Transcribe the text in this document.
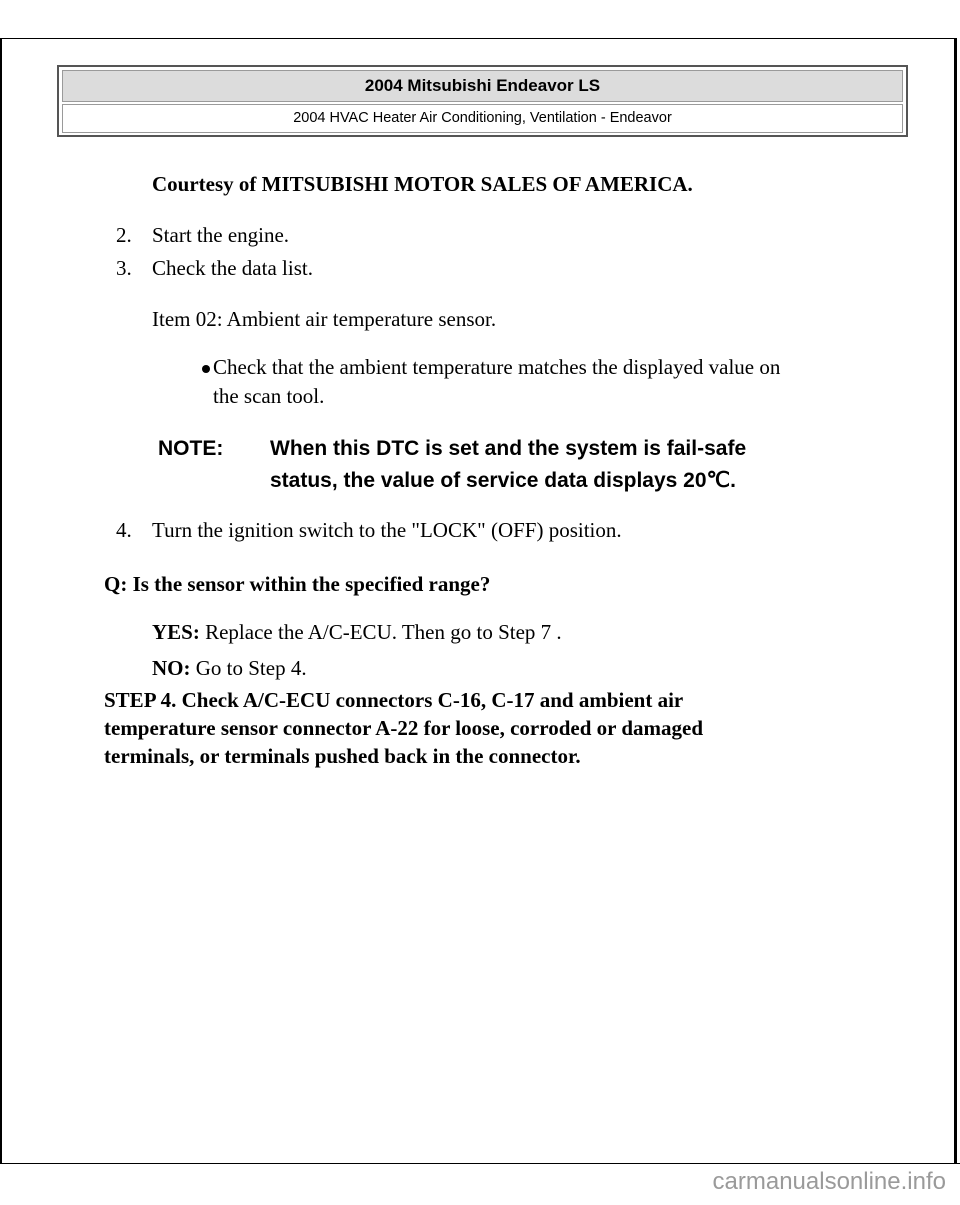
2004 Mitsubishi Endeavor LS
2004 HVAC Heater Air Conditioning, Ventilation - Endeavor
Courtesy of MITSUBISHI MOTOR SALES OF AMERICA.
2. Start the engine.
3. Check the data list.
Item 02: Ambient air temperature sensor.
Check that the ambient temperature matches the displayed value on
the scan tool.
NOTE: When this DTC is set and the system is fail-safe
status, the value of service data displays 20℃.
4. Turn the ignition switch to the "LOCK" (OFF) position.
Q: Is the sensor within the specified range?
YES: Replace the A/C-ECU. Then go to Step 7 .
NO: Go to Step 4.
STEP 4. Check A/C-ECU connectors C-16, C-17 and ambient air
temperature sensor connector A-22 for loose, corroded or damaged
terminals, or terminals pushed back in the connector.
carmanualsonline.info
